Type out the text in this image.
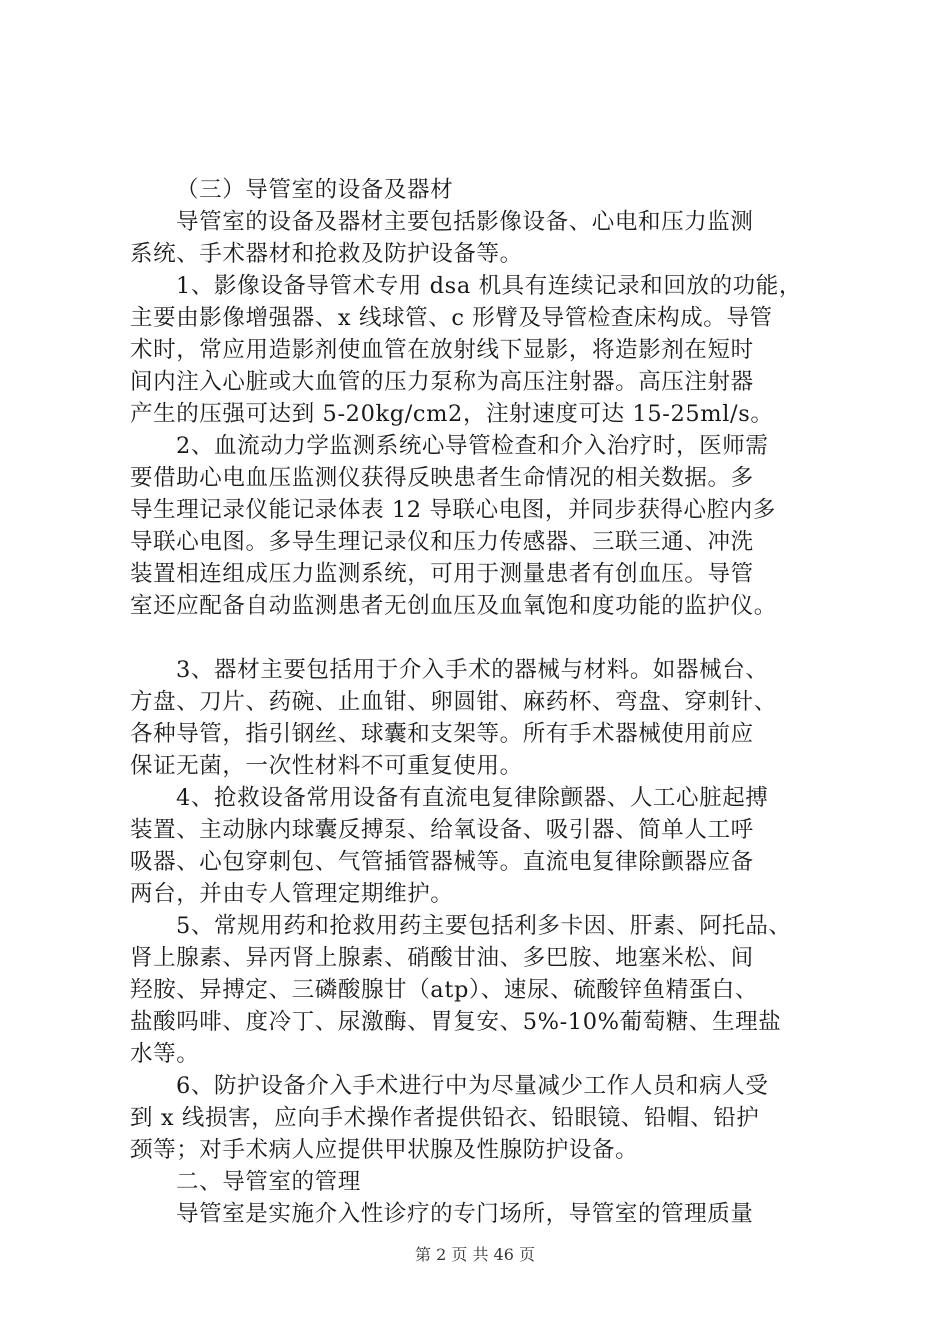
（三）导管室的设备及器材
导管室的设备及器材主要包括影像设备、心电和压力监测
系统、手术器材和抢救及防护设备等。
1、影像设备导管术专用 dsa 机具有连续记录和回放的功能，
主要由影像增强器、x 线球管、c 形臂及导管检查床构成。导管
术时，常应用造影剂使血管在放射线下显影，将造影剂在短时
间内注入心脏或大血管的压力泵称为高压注射器。高压注射器
产生的压强可达到 5-20kg/cm2，注射速度可达 15-25ml/s。
2、血流动力学监测系统心导管检查和介入治疗时，医师需
要借助心电血压监测仪获得反映患者生命情况的相关数据。多
导生理记录仪能记录体表 12 导联心电图，并同步获得心腔内多
导联心电图。多导生理记录仪和压力传感器、三联三通、冲洗
装置相连组成压力监测系统，可用于测量患者有创血压。导管
室还应配备自动监测患者无创血压及血氧饱和度功能的监护仪。
3、器材主要包括用于介入手术的器械与材料。如器械台、
方盘、刀片、药碗、止血钳、卵圆钳、麻药杯、弯盘、穿刺针、
各种导管，指引钢丝、球囊和支架等。所有手术器械使用前应
保证无菌，一次性材料不可重复使用。
4、抢救设备常用设备有直流电复律除颤器、人工心脏起搏
装置、主动脉内球囊反搏泵、给氧设备、吸引器、简单人工呼
吸器、心包穿刺包、气管插管器械等。直流电复律除颤器应备
两台，并由专人管理定期维护。
5、常规用药和抢救用药主要包括利多卡因、肝素、阿托品、
肾上腺素、异丙肾上腺素、硝酸甘油、多巴胺、地塞米松、间
羟胺、异搏定、三磷酸腺甘（atp）、速尿、硫酸锌鱼精蛋白、
盐酸吗啡、度冷丁、尿激酶、胃复安、5%-10%葡萄糖、生理盐
水等。
6、防护设备介入手术进行中为尽量减少工作人员和病人受
到 x 线损害，应向手术操作者提供铅衣、铅眼镜、铅帽、铅护
颈等；对手术病人应提供甲状腺及性腺防护设备。
二、导管室的管理
导管室是实施介入性诊疗的专门场所，导管室的管理质量
第 2 页 共 46 页
